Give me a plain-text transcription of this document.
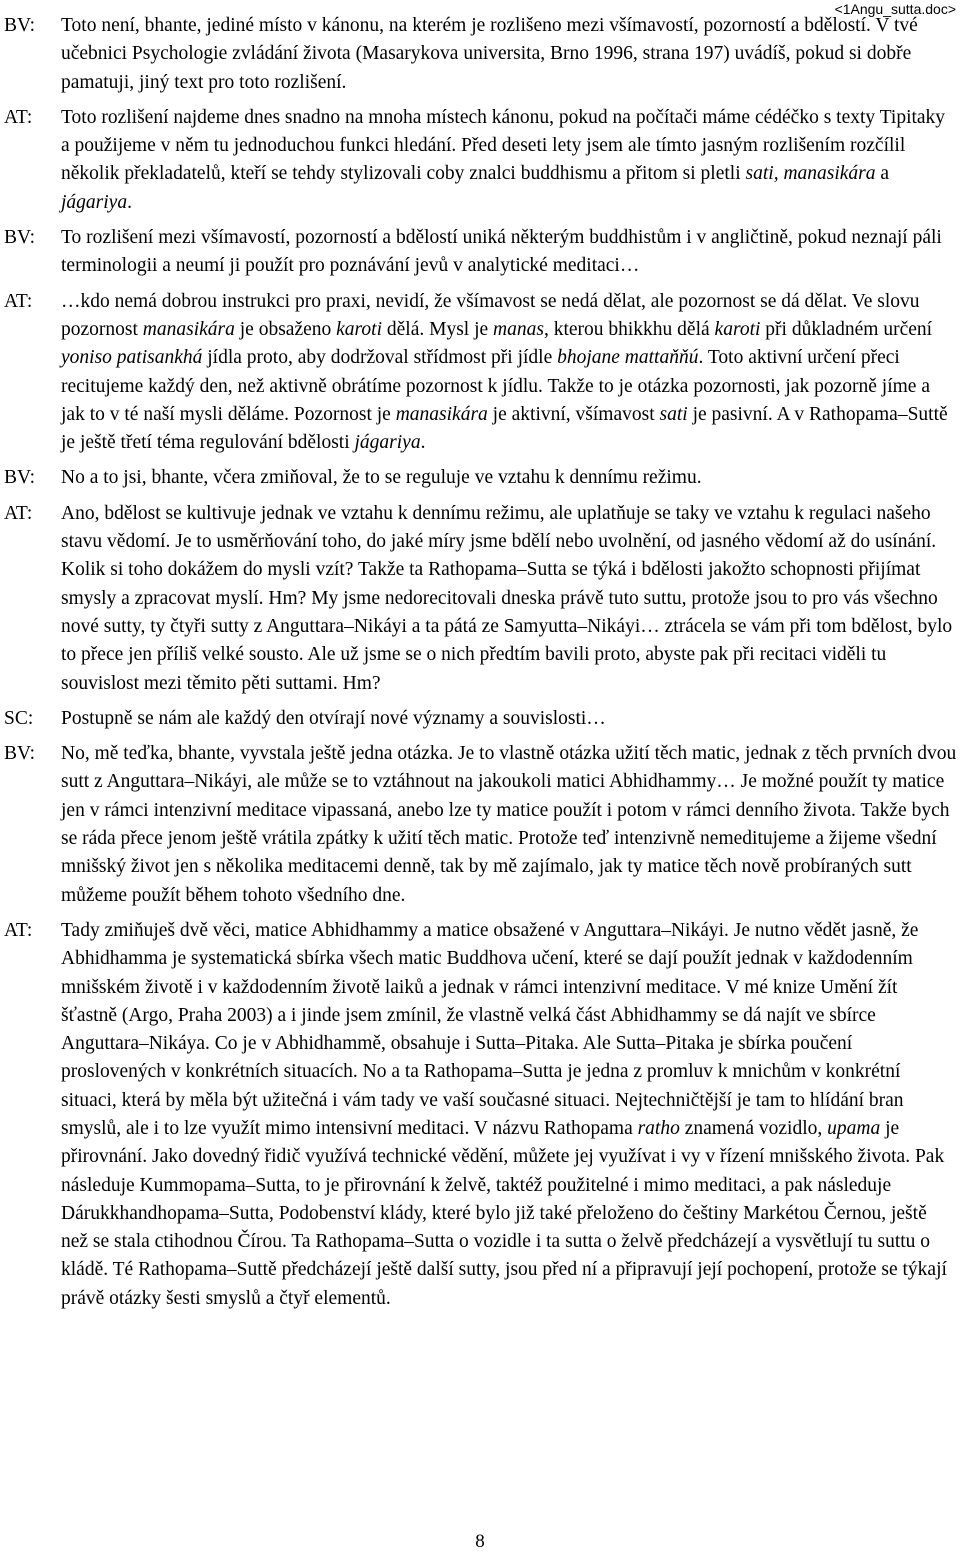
<1Angu_sutta.doc>
BV:	Toto není, bhante, jediné místo v kánonu, na kterém je rozlišeno mezi všímavostí, pozorností a bdělostí. V tvé učebnici Psychologie zvládání života (Masarykova universita, Brno 1996, strana 197) uvádíš, pokud si dobře pamatuji, jiný text pro toto rozlišení.
AT:	Toto rozlišení najdeme dnes snadno na mnoha místech kánonu, pokud na počítači máme cédéčko s texty Tipitaky a použijeme v něm tu jednoduchou funkci hledání. Před deseti lety jsem ale tímto jasným rozlišením rozčílil několik překladatelů, kteří se tehdy stylizovali coby znalci buddhismu a přitom si pletli sati, manasikára a jágariya.
BV:	To rozlišení mezi všímavostí, pozorností a bdělostí uniká některým buddhistům i v angličtině, pokud neznají páli terminologii a neumí ji použít pro poznávání jevů v analytické meditaci…
AT:	…kdo nemá dobrou instrukci pro praxi, nevidí, že všímavost se nedá dělat, ale pozornost se dá dělat. Ve slovu pozornost manasikára je obsaženo karoti dělá. Mysl je manas, kterou bhikkhu dělá karoti při důkladném určení yoniso patisankhá jídla proto, aby dodržoval střídmost při jídle bhojane mattaňňú. Toto aktivní určení přeci recitujeme každý den, než aktivně obrátíme pozornost k jídlu. Takže to je otázka pozornosti, jak pozorně jíme a jak to v té naší mysli děláme. Pozornost je manasikára je aktivní, všímavost sati je pasivní. A v Rathopama–Suttě je ještě třetí téma regulování bdělosti jágariya.
BV:	No a to jsi, bhante, včera zmiňoval, že to se reguluje ve vztahu k dennímu režimu.
AT:	Ano, bdělost se kultivuje jednak ve vztahu k dennímu režimu, ale uplatňuje se taky ve vztahu k regulaci našeho stavu vědomí. Je to usměrňování toho, do jaké míry jsme bdělí nebo uvolnění, od jasného vědomí až do usínání. Kolik si toho dokážem do mysli vzít? Takže ta Rathopama–Sutta se týká i bdělosti jakožto schopnosti přijímat smysly a zpracovat myslí. Hm? My jsme nedorecitovali dneska právě tuto suttu, protože jsou to pro vás všechno nové sutty, ty čtyři sutty z Anguttara–Nikáyi a ta pátá ze Samyutta–Nikáyi… ztrácela se vám při tom bdělost, bylo to přece jen příliš velké sousto. Ale už jsme se o nich předtím bavili proto, abyste pak při recitaci viděli tu souvislost mezi těmito pěti suttami. Hm?
SC:	Postupně se nám ale každý den otvírají nové významy a souvislosti…
BV:	No, mě teďka, bhante, vyvstala ještě jedna otázka. Je to vlastně otázka užití těch matic, jednak z těch prvních dvou sutt z Anguttara–Nikáyi, ale může se to vztáhnout na jakoukoli matici Abhidhammy… Je možné použít ty matice jen v rámci intenzivní meditace vipassaná, anebo lze ty matice použít i potom v rámci denního života. Takže bych se ráda přece jenom ještě vrátila zpátky k užití těch matic. Protože teď intenzivně nemeditujeme a žijeme všední mnišský život jen s několika meditacemi denně, tak by mě zajímalo, jak ty matice těch nově probíraných sutt můžeme použít během tohoto všedního dne.
AT:	Tady zmiňuješ dvě věci, matice Abhidhammy a matice obsažené v Anguttara–Nikáyi. Je nutno vědět jasně, že Abhidhamma je systematická sbírka všech matic Buddhova učení, které se dají použít jednak v každodenním mnišském životě i v každodenním životě laiků a jednak v rámci intenzivní meditace. V mé knize Umění žít šťastně (Argo, Praha 2003) a i jinde jsem zmínil, že vlastně velká část Abhidhammy se dá najít ve sbírce Anguttara–Nikáya. Co je v Abhidhammě, obsahuje i Sutta–Pitaka. Ale Sutta–Pitaka je sbírka poučení proslovených v konkrétních situacích. No a ta Rathopama–Sutta je jedna z promluv k mnichům v konkrétní situaci, která by měla být užitečná i vám tady ve vaší současné situaci. Nejtechničtější je tam to hlídání bran smyslů, ale i to lze využít mimo intensivní meditaci. V názvu Rathopama ratho znamená vozidlo, upama je přirovnání. Jako dovedný řidič využívá technické vědění, můžete jej využívat i vy v řízení mnišského života. Pak následuje Kummopama–Sutta, to je přirovnání k želvě, taktéž použitelné i mimo meditaci, a pak následuje Dárukkhandhopama–Sutta, Podobenství klády, které bylo již také přeloženo do češtiny Markétou Černou, ještě než se stala ctihodnou Čírou. Ta Rathopama–Sutta o vozidle i ta sutta o želvě předcházejí a vysvětlují tu suttu o kládě. Té Rathopama–Suttě předcházejí ještě další sutty, jsou před ní a připravují její pochopení, protože se týkají právě otázky šesti smyslů a čtyř elementů.
8
